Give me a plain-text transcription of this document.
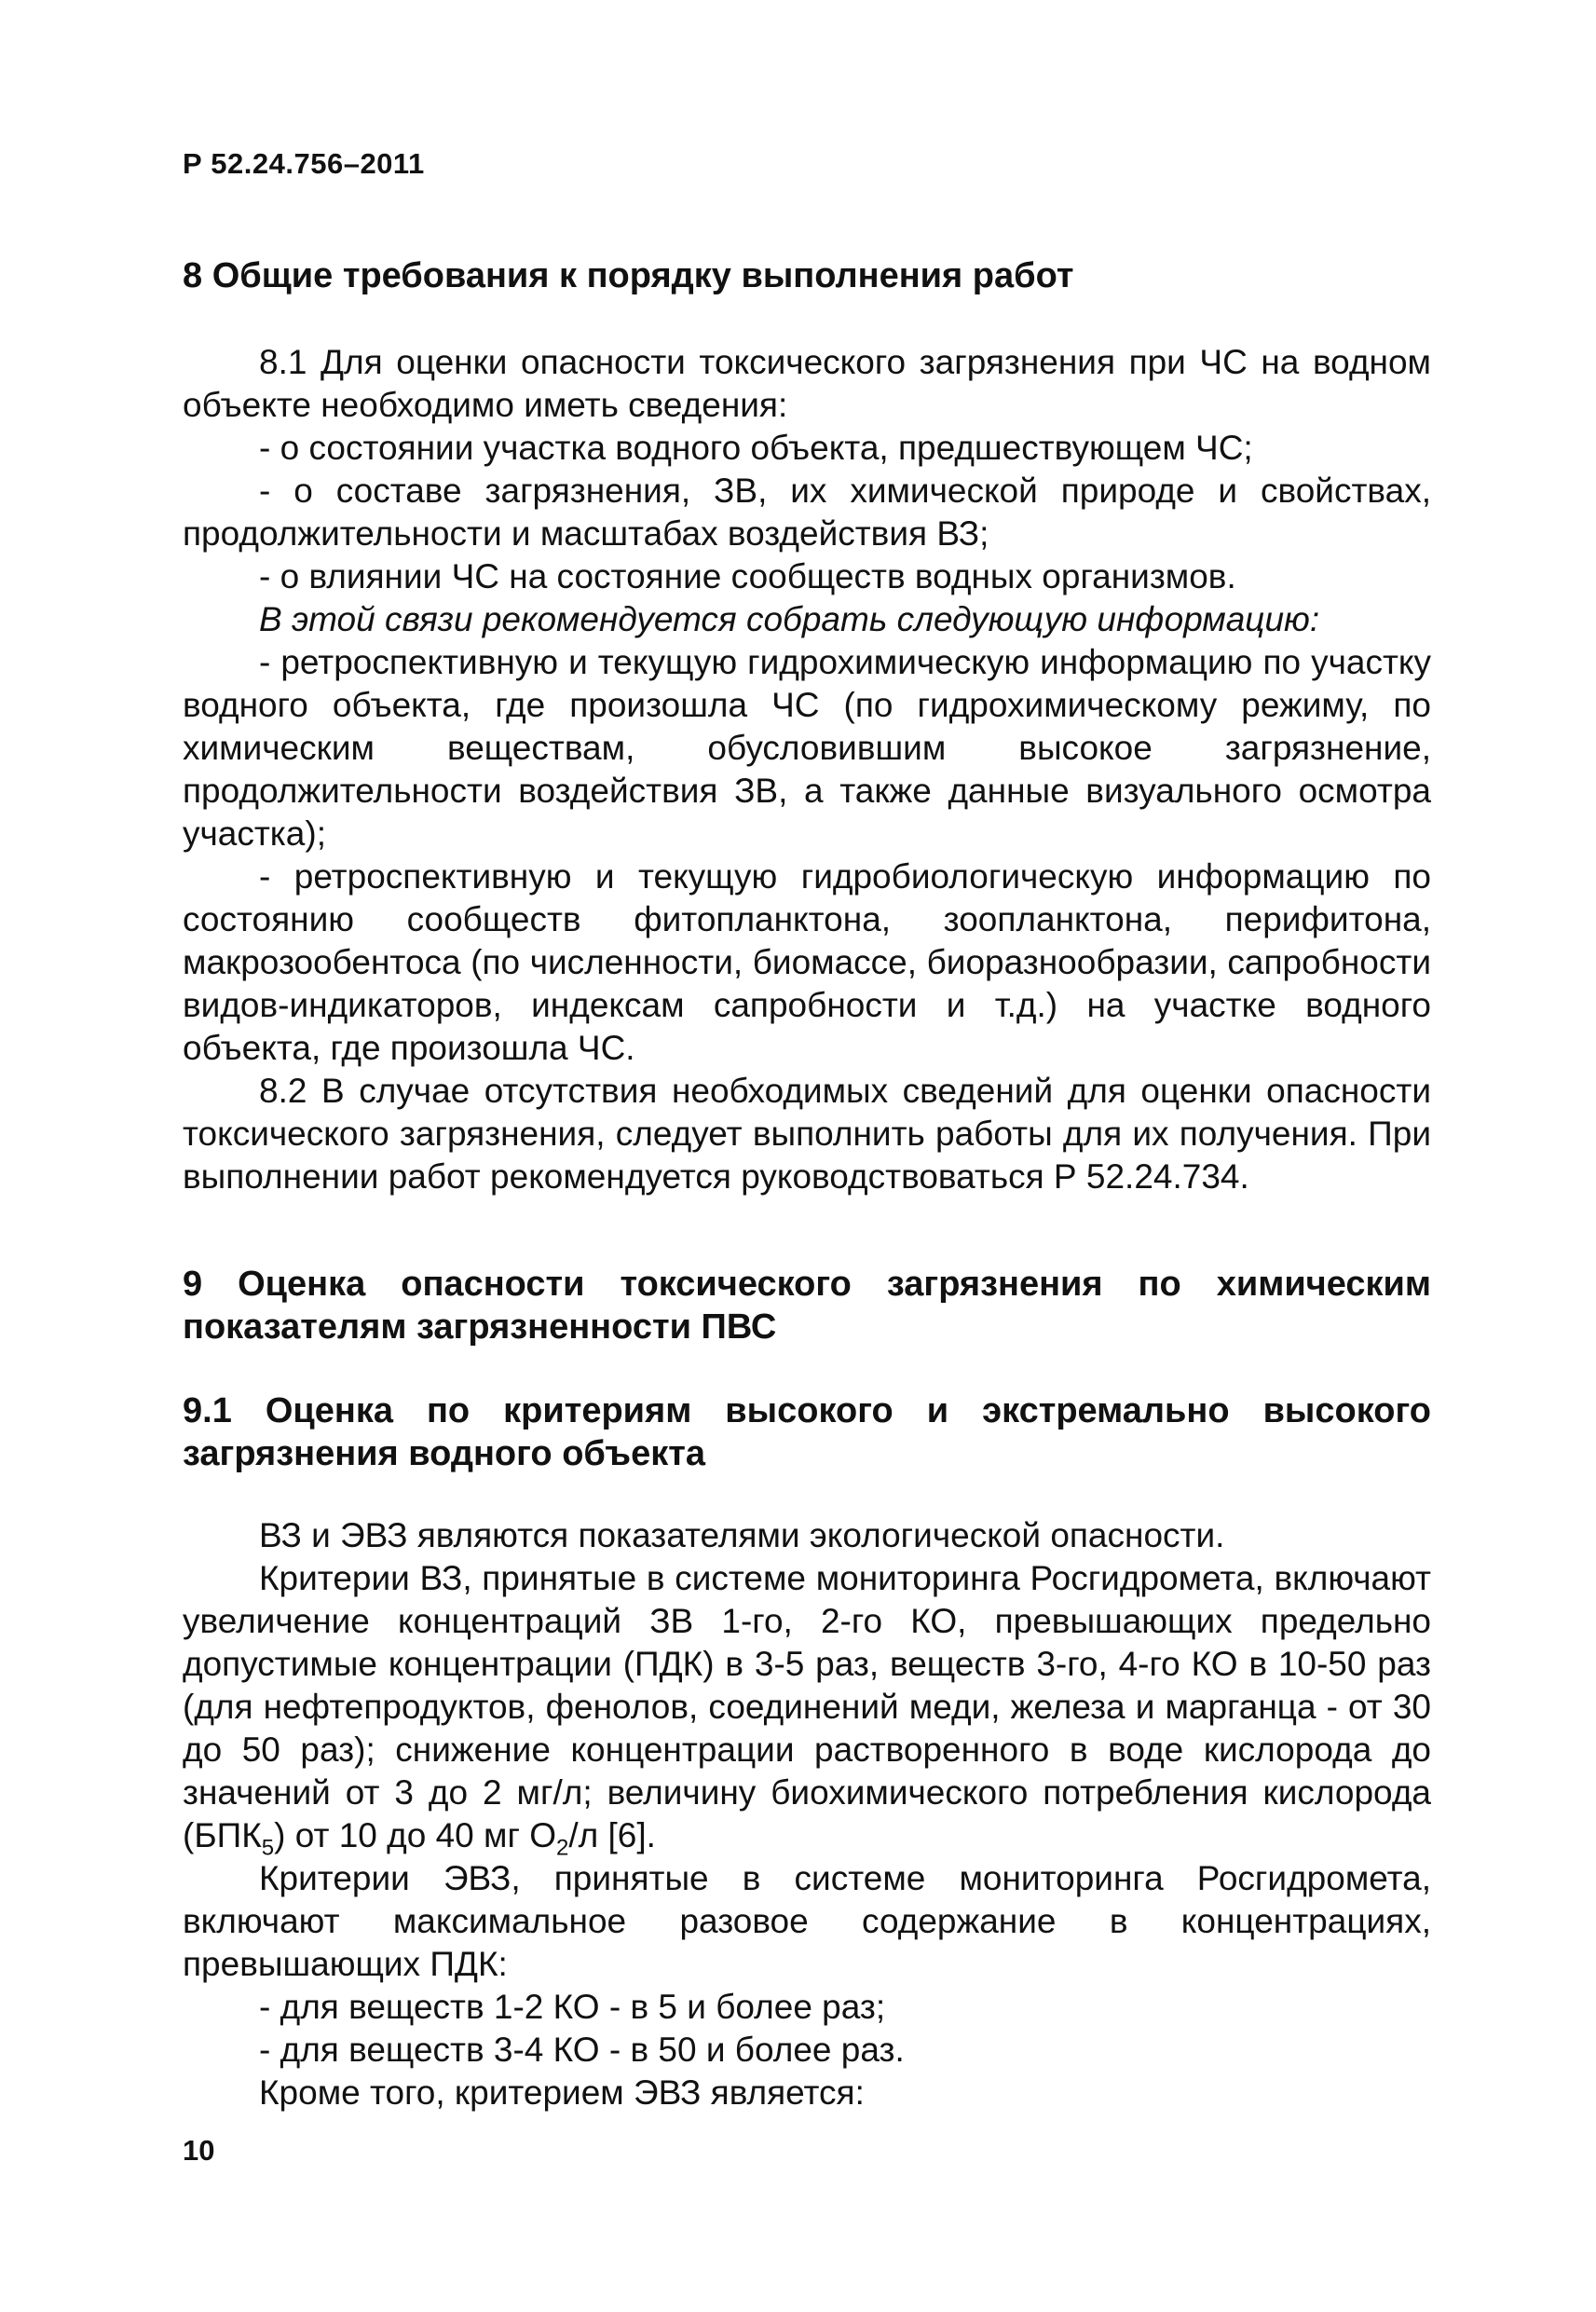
Р 52.24.756–2011
8 Общие требования к порядку выполнения работ
8.1 Для оценки опасности токсического загрязнения при ЧС на водном объекте необходимо иметь сведения:
- о состоянии участка водного объекта, предшествующем ЧС;
- о составе загрязнения, ЗВ, их химической природе и свойствах, продолжительности и масштабах воздействия ВЗ;
- о влиянии ЧС на состояние сообществ водных организмов.
В этой связи рекомендуется собрать следующую информацию:
- ретроспективную и текущую гидрохимическую информацию по участку водного объекта, где произошла ЧС (по гидрохимическому режиму, по химическим веществам, обусловившим высокое загрязнение, продолжительности воздействия ЗВ, а также данные визуального осмотра участка);
- ретроспективную и текущую гидробиологическую информацию по состоянию сообществ фитопланктона, зоопланктона, перифитона, макрозообентоса (по численности, биомассе, биоразнообразии, сапробности видов-индикаторов, индексам сапробности и т.д.) на участке водного объекта, где произошла ЧС.
8.2 В случае отсутствия необходимых сведений для оценки опасности токсического загрязнения, следует выполнить работы для их получения. При выполнении работ рекомендуется руководствоваться Р 52.24.734.
9 Оценка опасности токсического загрязнения по химическим показателям загрязненности ПВС
9.1 Оценка по критериям высокого и экстремально высокого загрязнения водного объекта
ВЗ и ЭВЗ являются показателями экологической опасности.
Критерии ВЗ, принятые в системе мониторинга Росгидромета, включают увеличение концентраций ЗВ 1-го, 2-го КО, превышающих предельно допустимые концентрации (ПДК) в 3-5 раз, веществ 3-го, 4-го КО в 10-50 раз (для нефтепродуктов, фенолов, соединений меди, железа и марганца - от 30 до 50 раз); снижение концентрации растворенного в воде кислорода до значений от 3 до 2 мг/л; величину биохимического потребления кислорода $(БПК_5)$ от 10 до 40 мг $О_2/л$ [6].
Критерии ЭВЗ, принятые в системе мониторинга Росгидромета, включают максимальное разовое содержание в концентрациях, превышающих ПДК:
- для веществ 1-2 КО - в 5 и более раз;
- для веществ 3-4 КО - в 50 и более раз.
Кроме того, критерием ЭВЗ является:
10
